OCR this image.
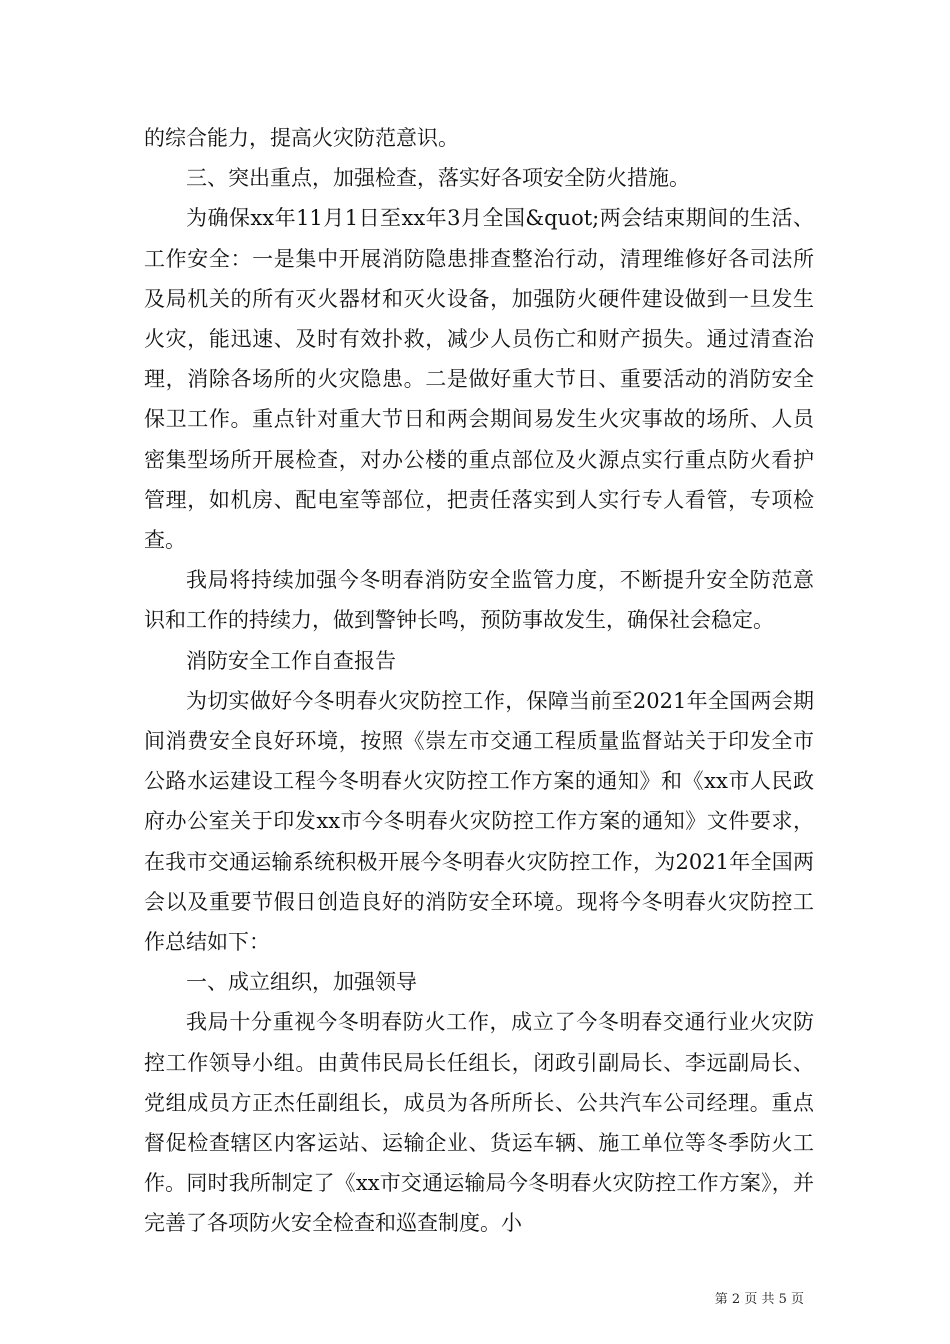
的综合能力，提高火灾防范意识。

三、突出重点，加强检查，落实好各项安全防火措施。

为确保xx年11月1日至xx年3月全国&quot;两会结束期间的生活、工作安全：一是集中开展消防隐患排查整治行动，清理维修好各司法所及局机关的所有灭火器材和灭火设备，加强防火硬件建设做到一旦发生火灾，能迅速、及时有效扑救，减少人员伤亡和财产损失。通过清查治理，消除各场所的火灾隐患。二是做好重大节日、重要活动的消防安全保卫工作。重点针对重大节日和两会期间易发生火灾事故的场所、人员密集型场所开展检查，对办公楼的重点部位及火源点实行重点防火看护管理，如机房、配电室等部位，把责任落实到人实行专人看管，专项检查。

我局将持续加强今冬明春消防安全监管力度，不断提升安全防范意识和工作的持续力，做到警钟长鸣，预防事故发生，确保社会稳定。

消防安全工作自查报告

为切实做好今冬明春火灾防控工作，保障当前至2021年全国两会期间消费安全良好环境，按照《崇左市交通工程质量监督站关于印发全市公路水运建设工程今冬明春火灾防控工作方案的通知》和《xx市人民政府办公室关于印发xx市今冬明春火灾防控工作方案的通知》文件要求，在我市交通运输系统积极开展今冬明春火灾防控工作，为2021年全国两会以及重要节假日创造良好的消防安全环境。现将今冬明春火灾防控工作总结如下：

一、成立组织，加强领导

我局十分重视今冬明春防火工作，成立了今冬明春交通行业火灾防控工作领导小组。由黄伟民局长任组长，闭政引副局长、李远副局长、党组成员方正杰任副组长，成员为各所所长、公共汽车公司经理。重点督促检查辖区内客运站、运输企业、货运车辆、施工单位等冬季防火工作。同时我所制定了《xx市交通运输局今冬明春火灾防控工作方案》，并完善了各项防火安全检查和巡查制度。小

第 2 页 共 5 页
